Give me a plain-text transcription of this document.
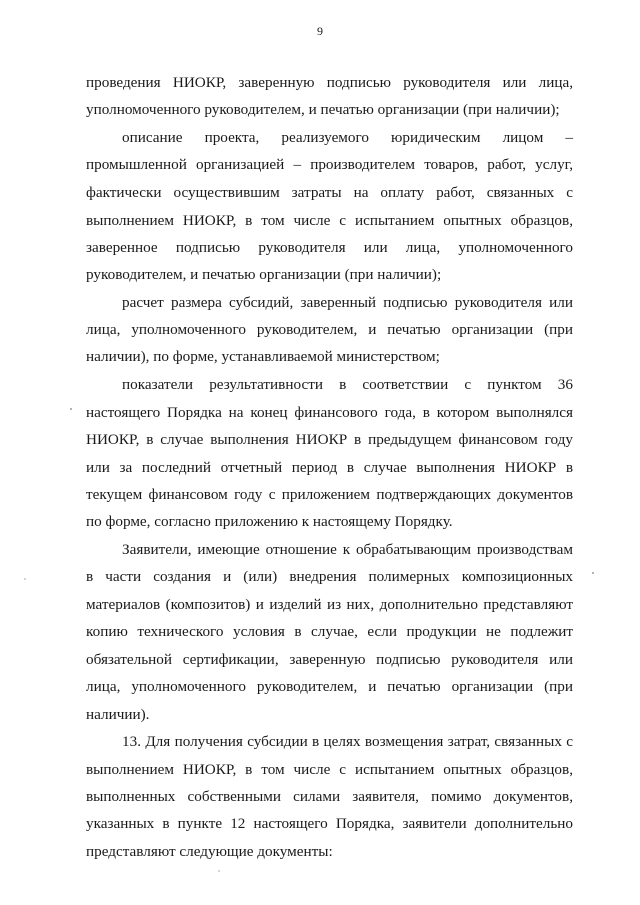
9
проведения НИОКР, заверенную подписью руководителя или лица,
уполномоченного руководителем, и печатью организации (при наличии);
описание проекта, реализуемого юридическим лицом –
промышленной организацией – производителем товаров, работ, услуг,
фактически осуществившим затраты на оплату работ, связанных с
выполнением НИОКР, в том числе с испытанием опытных образцов,
заверенное подписью руководителя или лица, уполномоченного
руководителем, и печатью организации (при наличии);
расчет размера субсидий, заверенный подписью руководителя или
лица, уполномоченного руководителем, и печатью организации (при
наличии), по форме, устанавливаемой министерством;
показатели результативности в соответствии с пунктом 36
настоящего Порядка на конец финансового года, в котором выполнялся
НИОКР, в случае выполнения НИОКР в предыдущем финансовом году
или за последний отчетный период в случае выполнения НИОКР в
текущем финансовом году с приложением подтверждающих документов
по форме, согласно приложению к настоящему Порядку.
Заявители, имеющие отношение к обрабатывающим производствам
в части создания и (или) внедрения полимерных композиционных
материалов (композитов) и изделий из них, дополнительно представляют
копию технического условия в случае, если продукции не подлежит
обязательной сертификации, заверенную подписью руководителя или
лица, уполномоченного руководителем, и печатью организации (при
наличии).
13. Для получения субсидии в целях возмещения затрат, связанных с
выполнением НИОКР, в том числе с испытанием опытных образцов,
выполненных собственными силами заявителя, помимо документов,
указанных в пункте 12 настоящего Порядка, заявители дополнительно
представляют следующие документы:
